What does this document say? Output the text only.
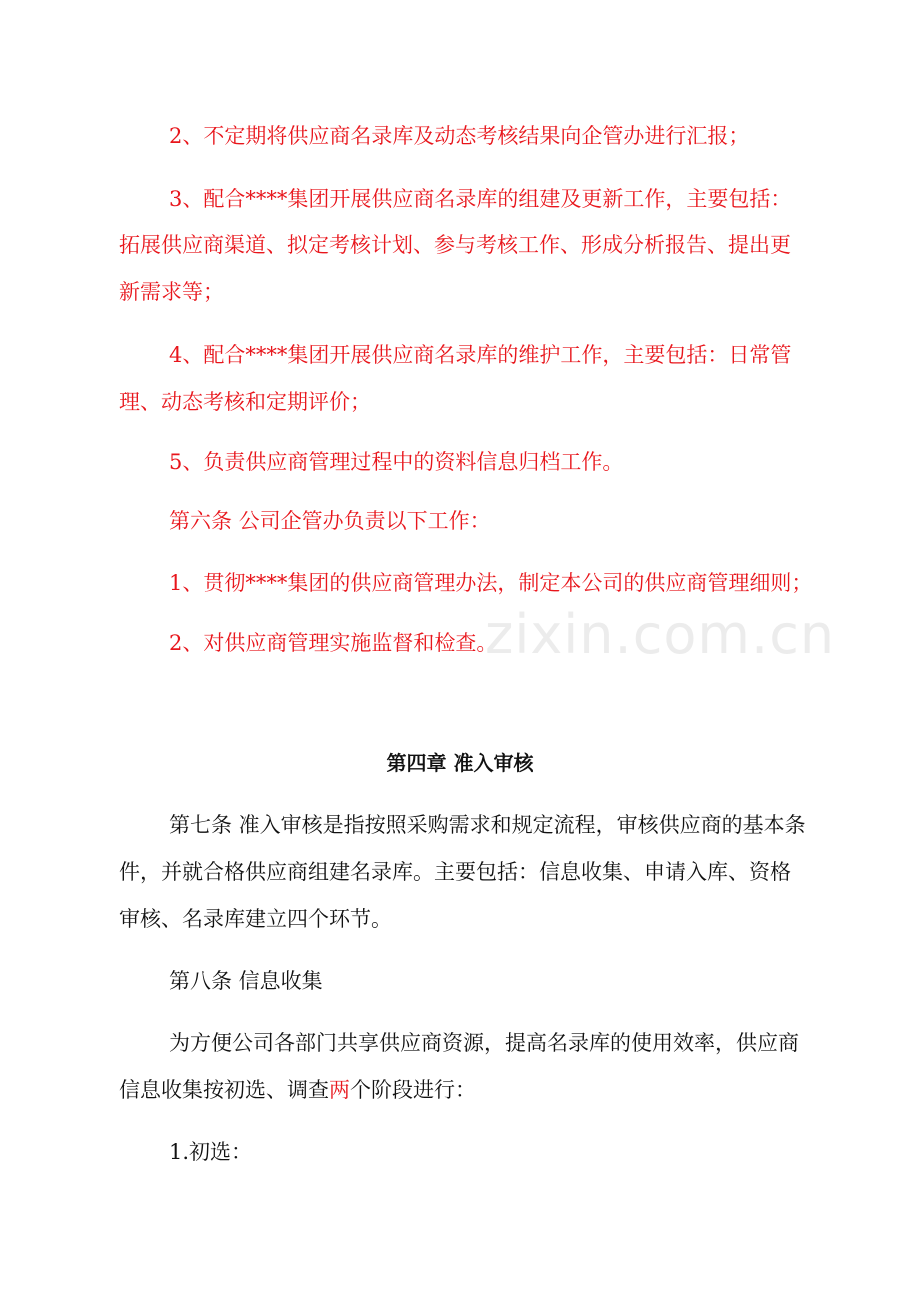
2、不定期将供应商名录库及动态考核结果向企管办进行汇报；

3、配合****集团开展供应商名录库的组建及更新工作，主要包括：

拓展供应商渠道、拟定考核计划、参与考核工作、形成分析报告、提出更

新需求等；

4、配合****集团开展供应商名录库的维护工作，主要包括：日常管

理、动态考核和定期评价；

5、负责供应商管理过程中的资料信息归档工作。

第六条 公司企管办负责以下工作：

1、贯彻****集团的供应商管理办法，制定本公司的供应商管理细则；

2、对供应商管理实施监督和检查。

zixin.com.cn
第四章 准入审核

第七条 准入审核是指按照采购需求和规定流程，审核供应商的基本条

件，并就合格供应商组建名录库。主要包括：信息收集、申请入库、资格

审核、名录库建立四个环节。

第八条 信息收集

为方便公司各部门共享供应商资源，提高名录库的使用效率，供应商

信息收集按初选、调查两个阶段进行：

1.初选：
